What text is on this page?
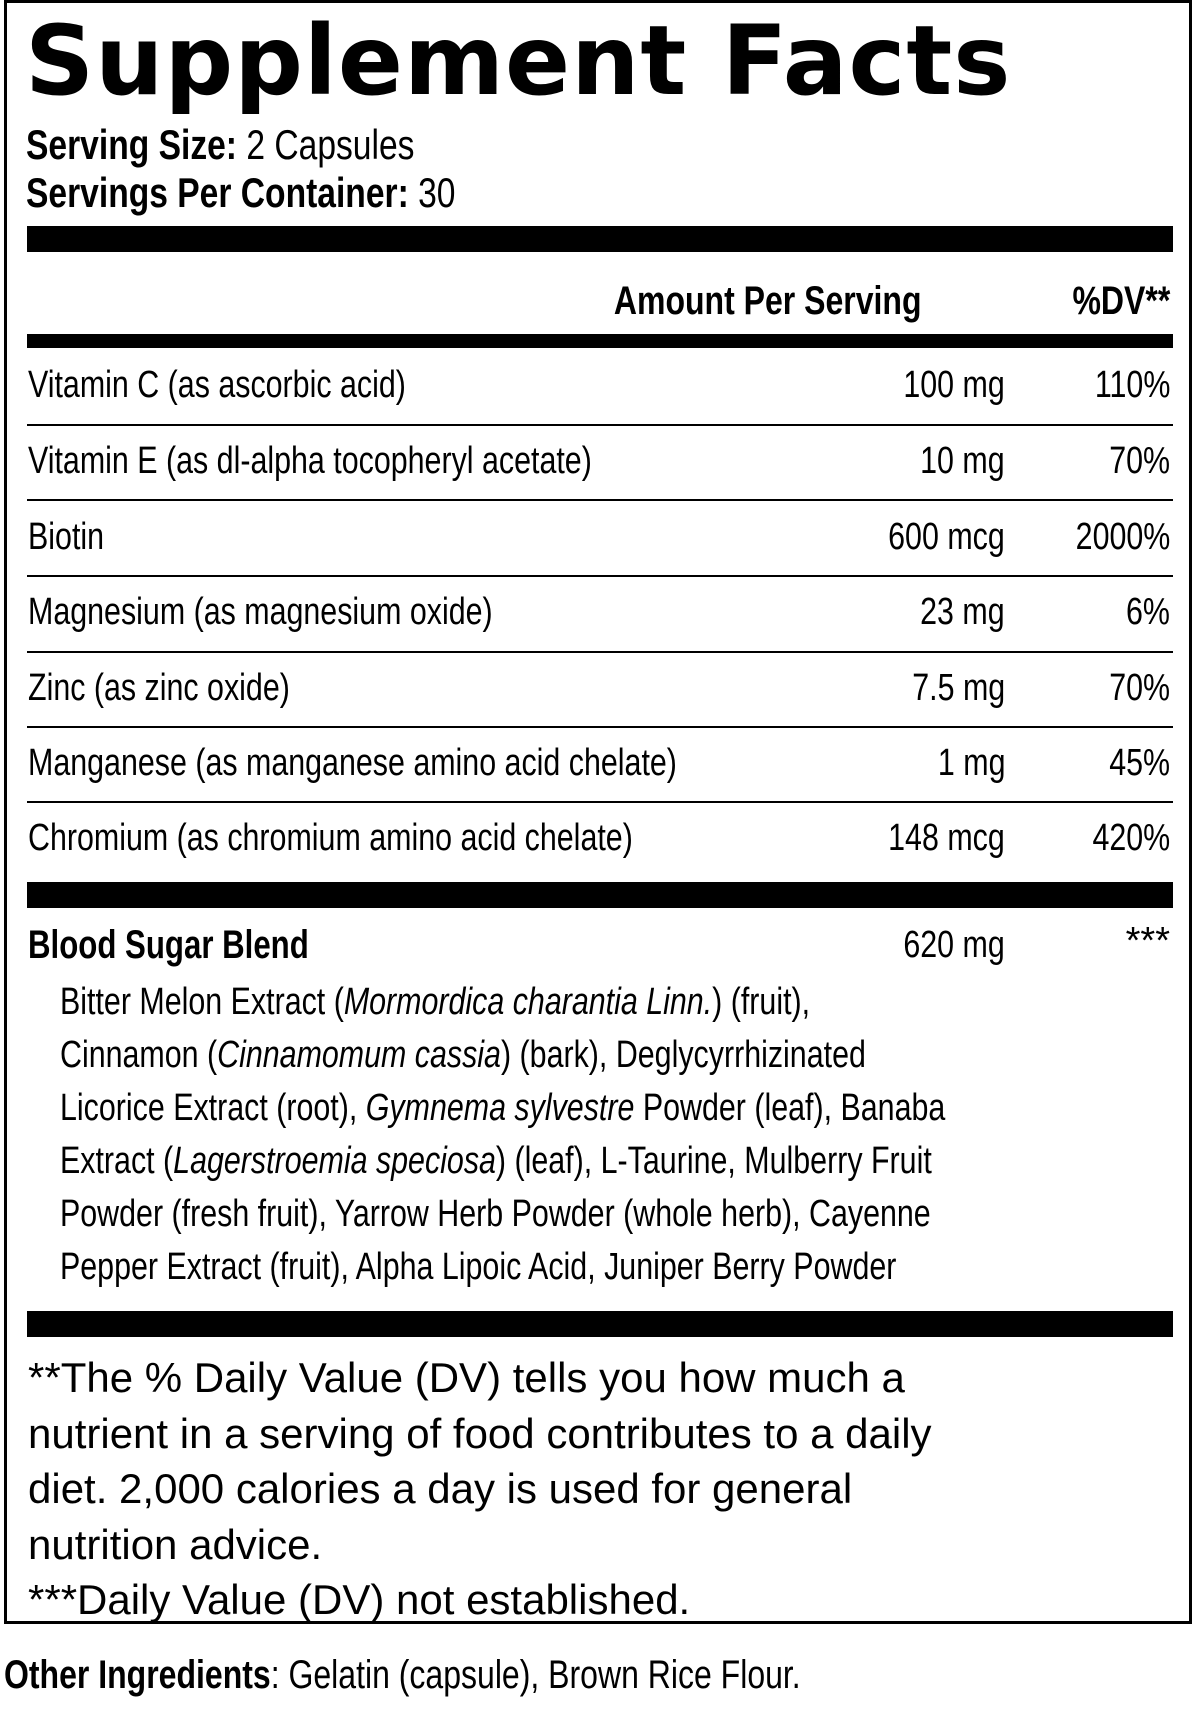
Supplement Facts
Serving Size: 2 Capsules
Servings Per Container: 30
Amount Per Serving	%DV**
Vitamin C (as ascorbic acid)	100 mg 110%
Vitamin E (as dl-alpha tocopheryl acetate)	10 mg	70%
Biotin	600 mcg 2000%
Magnesium (as magnesium oxide)	23 mg	6%
Zinc (as zinc oxide)	7.5 mg	70%
Manganese (as manganese amino acid chelate)	1 mg	45%
Chromium (as chromium amino acid chelate)	148 mcg 420%
Blood Sugar Blend	620 mg	***
Bitter Melon Extract (Mormordica charantia Linn.) (fruit),
Cinnamon (Cinnamomum cassia) (bark), Deglycyrrhizinated
Licorice Extract (root), Gymnema sylvestre Powder (leaf), Banaba
Extract (Lagerstroemia speciosa) (leaf), L-Taurine, Mulberry Fruit
Powder (fresh fruit), Yarrow Herb Powder (whole herb), Cayenne
Pepper Extract (fruit), Alpha Lipoic Acid, Juniper Berry Powder
**The % Daily Value (DV) tells you how much a
nutrient in a serving of food contributes to a daily
diet. 2,000 calories a day is used for general
nutrition advice.
***Daily Value (DV) not established.
Other Ingredients: Gelatin (capsule), Brown Rice Flour.
